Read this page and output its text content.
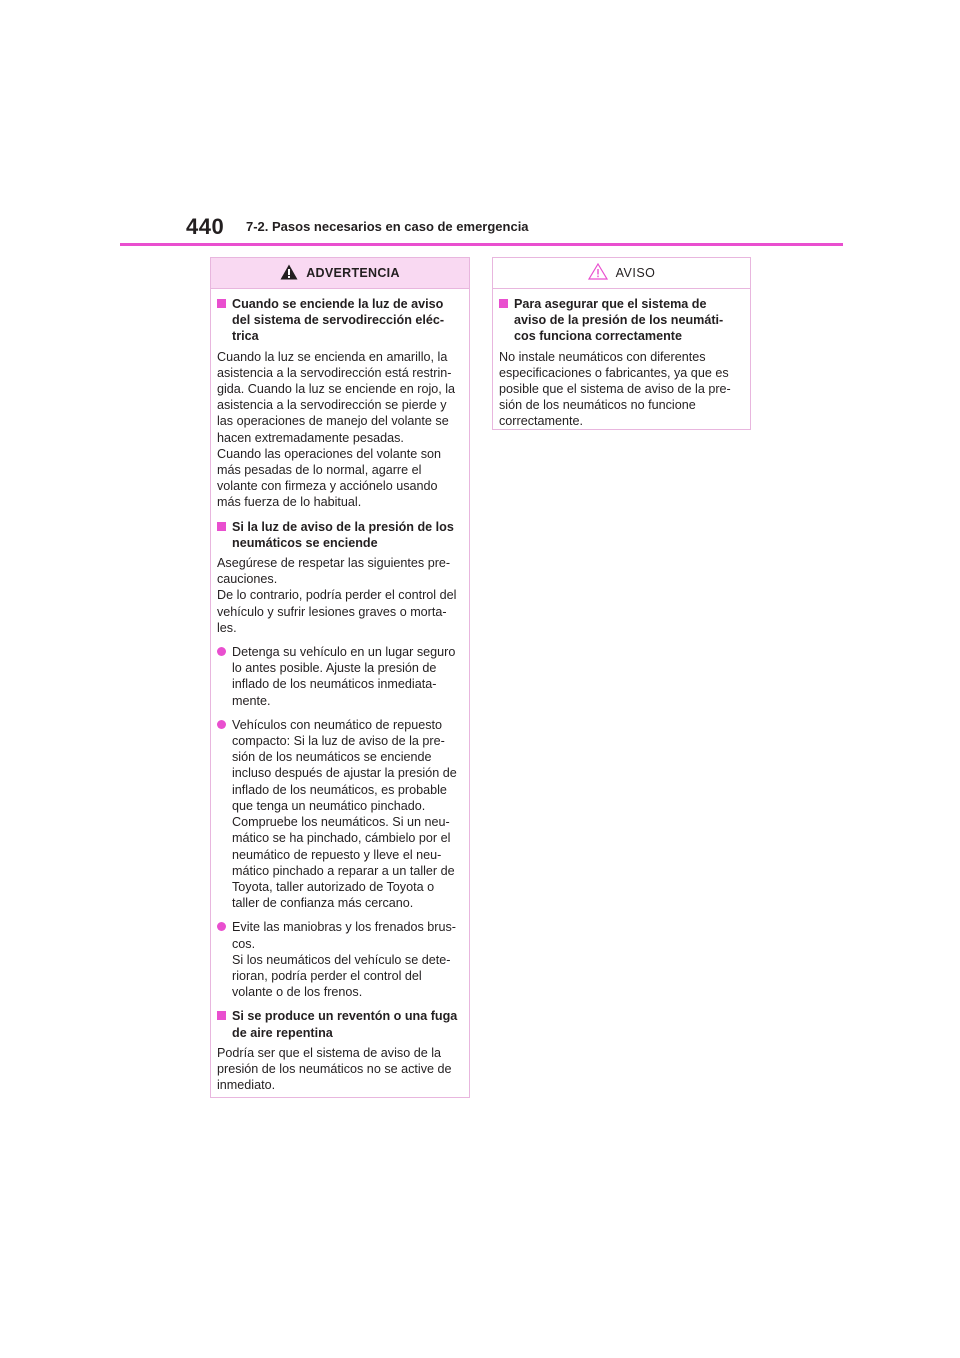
440 7-2. Pasos necesarios en caso de emergencia
ADVERTENCIA
Cuando se enciende la luz de aviso
del sistema de servodirección eléc-
trica

Cuando la luz se encienda en amarillo, la
asistencia a la servodirección está restrin-
gida. Cuando la luz se enciende en rojo, la
asistencia a la servodirección se pierde y
las operaciones de manejo del volante se
hacen extremadamente pesadas.
Cuando las operaciones del volante son
más pesadas de lo normal, agarre el
volante con firmeza y acciónelo usando
más fuerza de lo habitual.

Si la luz de aviso de la presión de los
neumáticos se enciende

Asegúrese de respetar las siguientes pre-
cauciones.
De lo contrario, podría perder el control del
vehículo y sufrir lesiones graves o morta-
les.

Detenga su vehículo en un lugar seguro
lo antes posible. Ajuste la presión de
inflado de los neumáticos inmediata-
mente.
Vehículos con neumático de repuesto
compacto: Si la luz de aviso de la pre-
sión de los neumáticos se enciende
incluso después de ajustar la presión de
inflado de los neumáticos, es probable
que tenga un neumático pinchado.
Compruebe los neumáticos. Si un neu-
mático se ha pinchado, cámbielo por el
neumático de repuesto y lleve el neu-
mático pinchado a reparar a un taller de
Toyota, taller autorizado de Toyota o
taller de confianza más cercano.
Evite las maniobras y los frenados brus-
cos.
Si los neumáticos del vehículo se dete-
rioran, podría perder el control del
volante o de los frenos.
Si se produce un reventón o una fuga
de aire repentina

Podría ser que el sistema de aviso de la
presión de los neumáticos no se active de
inmediato.

AVISO
Para asegurar que el sistema de
aviso de la presión de los neumáti-
cos funciona correctamente

No instale neumáticos con diferentes
especificaciones o fabricantes, ya que es
posible que el sistema de aviso de la pre-
sión de los neumáticos no funcione
correctamente.
